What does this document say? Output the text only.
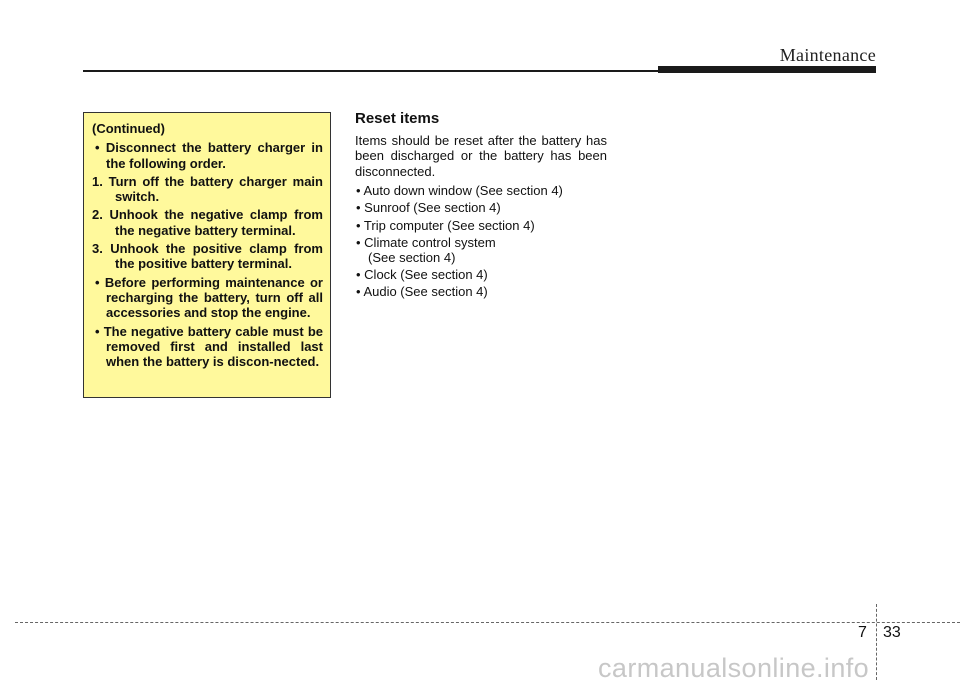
Maintenance

(Continued)

• Disconnect the battery charger in the following order.

1. Turn off the battery charger main switch.

2. Unhook the negative clamp from the negative battery terminal.

3. Unhook the positive clamp from the positive battery terminal.

• Before performing maintenance or recharging the battery, turn off all accessories and stop the engine.

• The negative battery cable must be removed first and installed last when the battery is discon-nected.

Reset items

Items should be reset after the battery has been discharged or the battery has been disconnected.

• Auto down window (See section 4)
• Sunroof (See section 4)
• Trip computer (See section 4)
• Climate control system
(See section 4)
• Clock (See section 4)
• Audio (See section 4)
7 33
carmanualsonline.info
